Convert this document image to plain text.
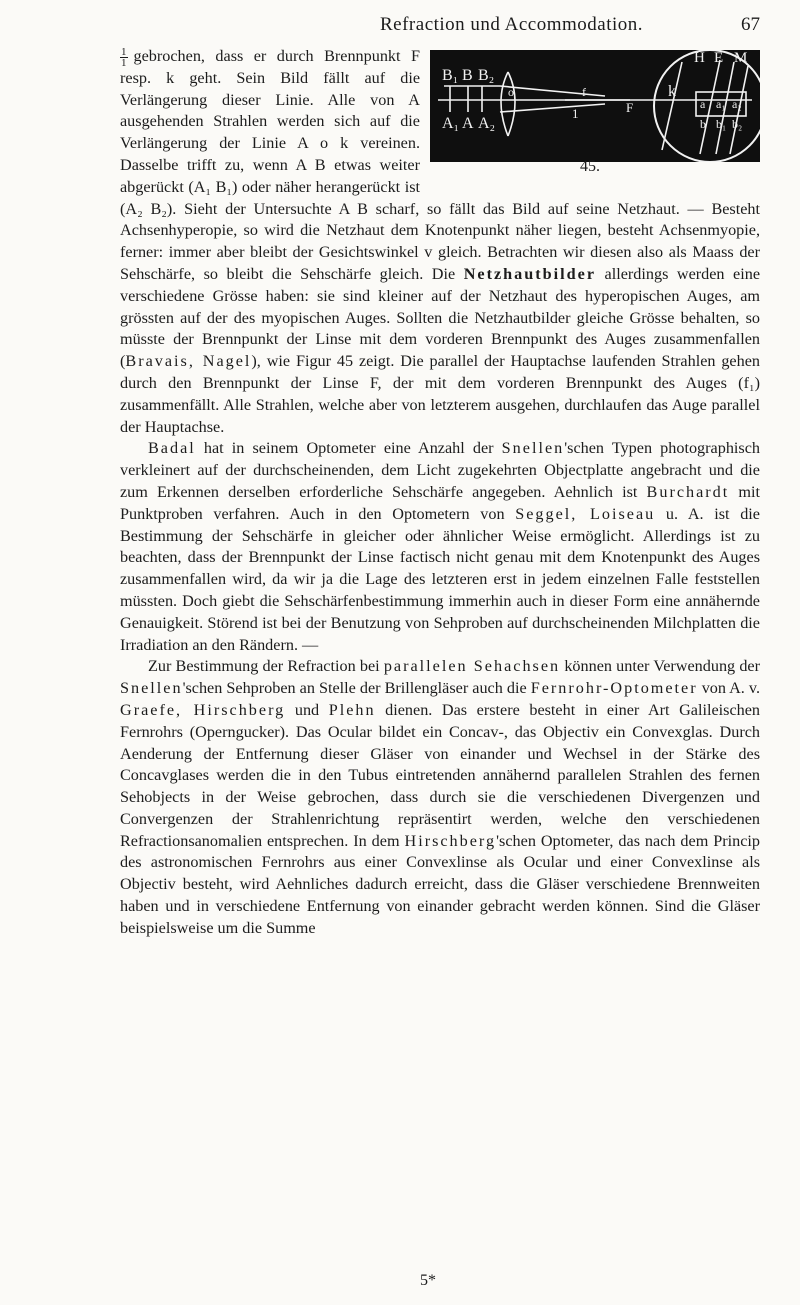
Refraction und Accommodation.	67
B₁ B B₂
A₁ A A₂
o	f
F
1
k
H E M
a a₁ a₂
b b₁ b₂
45.

$\frac{1}{1}$ gebrochen, dass er durch Brennpunkt F resp. k geht. Sein Bild fällt auf die Verlängerung dieser Linie. Alle von A ausgehenden Strahlen werden sich auf die Verlängerung der Linie A o k vereinen. Dasselbe trifft zu, wenn A B etwas weiter abgerückt (A₁ B₁) oder näher herangerückt ist (A₂ B₂). Sieht der Untersuchte A B scharf, so fällt das Bild auf seine Netzhaut. — Besteht Achsenhyperopie, so wird die Netzhaut dem Knotenpunkt näher liegen, besteht Achsenmyopie, ferner: immer aber bleibt der Gesichtswinkel v gleich. Betrachten wir diesen also als Maass der Sehschärfe, so bleibt die Sehschärfe gleich. Die Netzhautbilder allerdings werden eine verschiedene Grösse haben: sie sind kleiner auf der Netzhaut des hyperopischen Auges, am grössten auf der des myopischen Auges. Sollten die Netzhautbilder gleiche Grösse behalten, so müsste der Brennpunkt der Linse mit dem vorderen Brennpunkt des Auges zusammenfallen (Bravais, Nagel), wie Figur 45 zeigt. Die parallel der Hauptachse laufenden Strahlen gehen durch den Brennpunkt der Linse F, der mit dem vorderen Brennpunkt des Auges (f₁) zusammenfällt. Alle Strahlen, welche aber von letzterem ausgehen, durchlaufen das Auge parallel der Hauptachse.

Badal hat in seinem Optometer eine Anzahl der Snellen'schen Typen photographisch verkleinert auf der durchscheinenden, dem Licht zugekehrten Objectplatte angebracht und die zum Erkennen derselben erforderliche Sehschärfe angegeben. Aehnlich ist Burchardt mit Punktproben verfahren. Auch in den Optometern von Seggel, Loiseau u. A. ist die Bestimmung der Sehschärfe in gleicher oder ähnlicher Weise ermöglicht. Allerdings ist zu beachten, dass der Brennpunkt der Linse factisch nicht genau mit dem Knotenpunkt des Auges zusammenfallen wird, da wir ja die Lage des letzteren erst in jedem einzelnen Falle feststellen müssten. Doch giebt die Sehschärfenbestimmung immerhin auch in dieser Form eine annähernde Genauigkeit. Störend ist bei der Benutzung von Sehproben auf durchscheinenden Milchplatten die Irradiation an den Rändern. —

Zur Bestimmung der Refraction bei parallelen Sehachsen können unter Verwendung der Snellen'schen Sehproben an Stelle der Brillengläser auch die Fernrohr-Optometer von A. v. Graefe, Hirschberg und Plehn dienen. Das erstere besteht in einer Art Galileischen Fernrohrs (Operngucker). Das Ocular bildet ein Concav-, das Objectiv ein Convexglas. Durch Aenderung der Entfernung dieser Gläser von einander und Wechsel in der Stärke des Concavglases werden die in den Tubus eintretenden annähernd parallelen Strahlen des fernen Sehobjects in der Weise gebrochen, dass durch sie die verschiedenen Divergenzen und Convergenzen der Strahlenrichtung repräsentirt werden, welche den verschiedenen Refractionsanomalien entsprechen. In dem Hirschberg'schen Optometer, das nach dem Princip des astronomischen Fernrohrs aus einer Convexlinse als Ocular und einer Convexlinse als Objectiv besteht, wird Aehnliches dadurch erreicht, dass die Gläser verschiedene Brennweiten haben und in verschiedene Entfernung von einander gebracht werden können. Sind die Gläser beispielsweise um die Summe

5*
